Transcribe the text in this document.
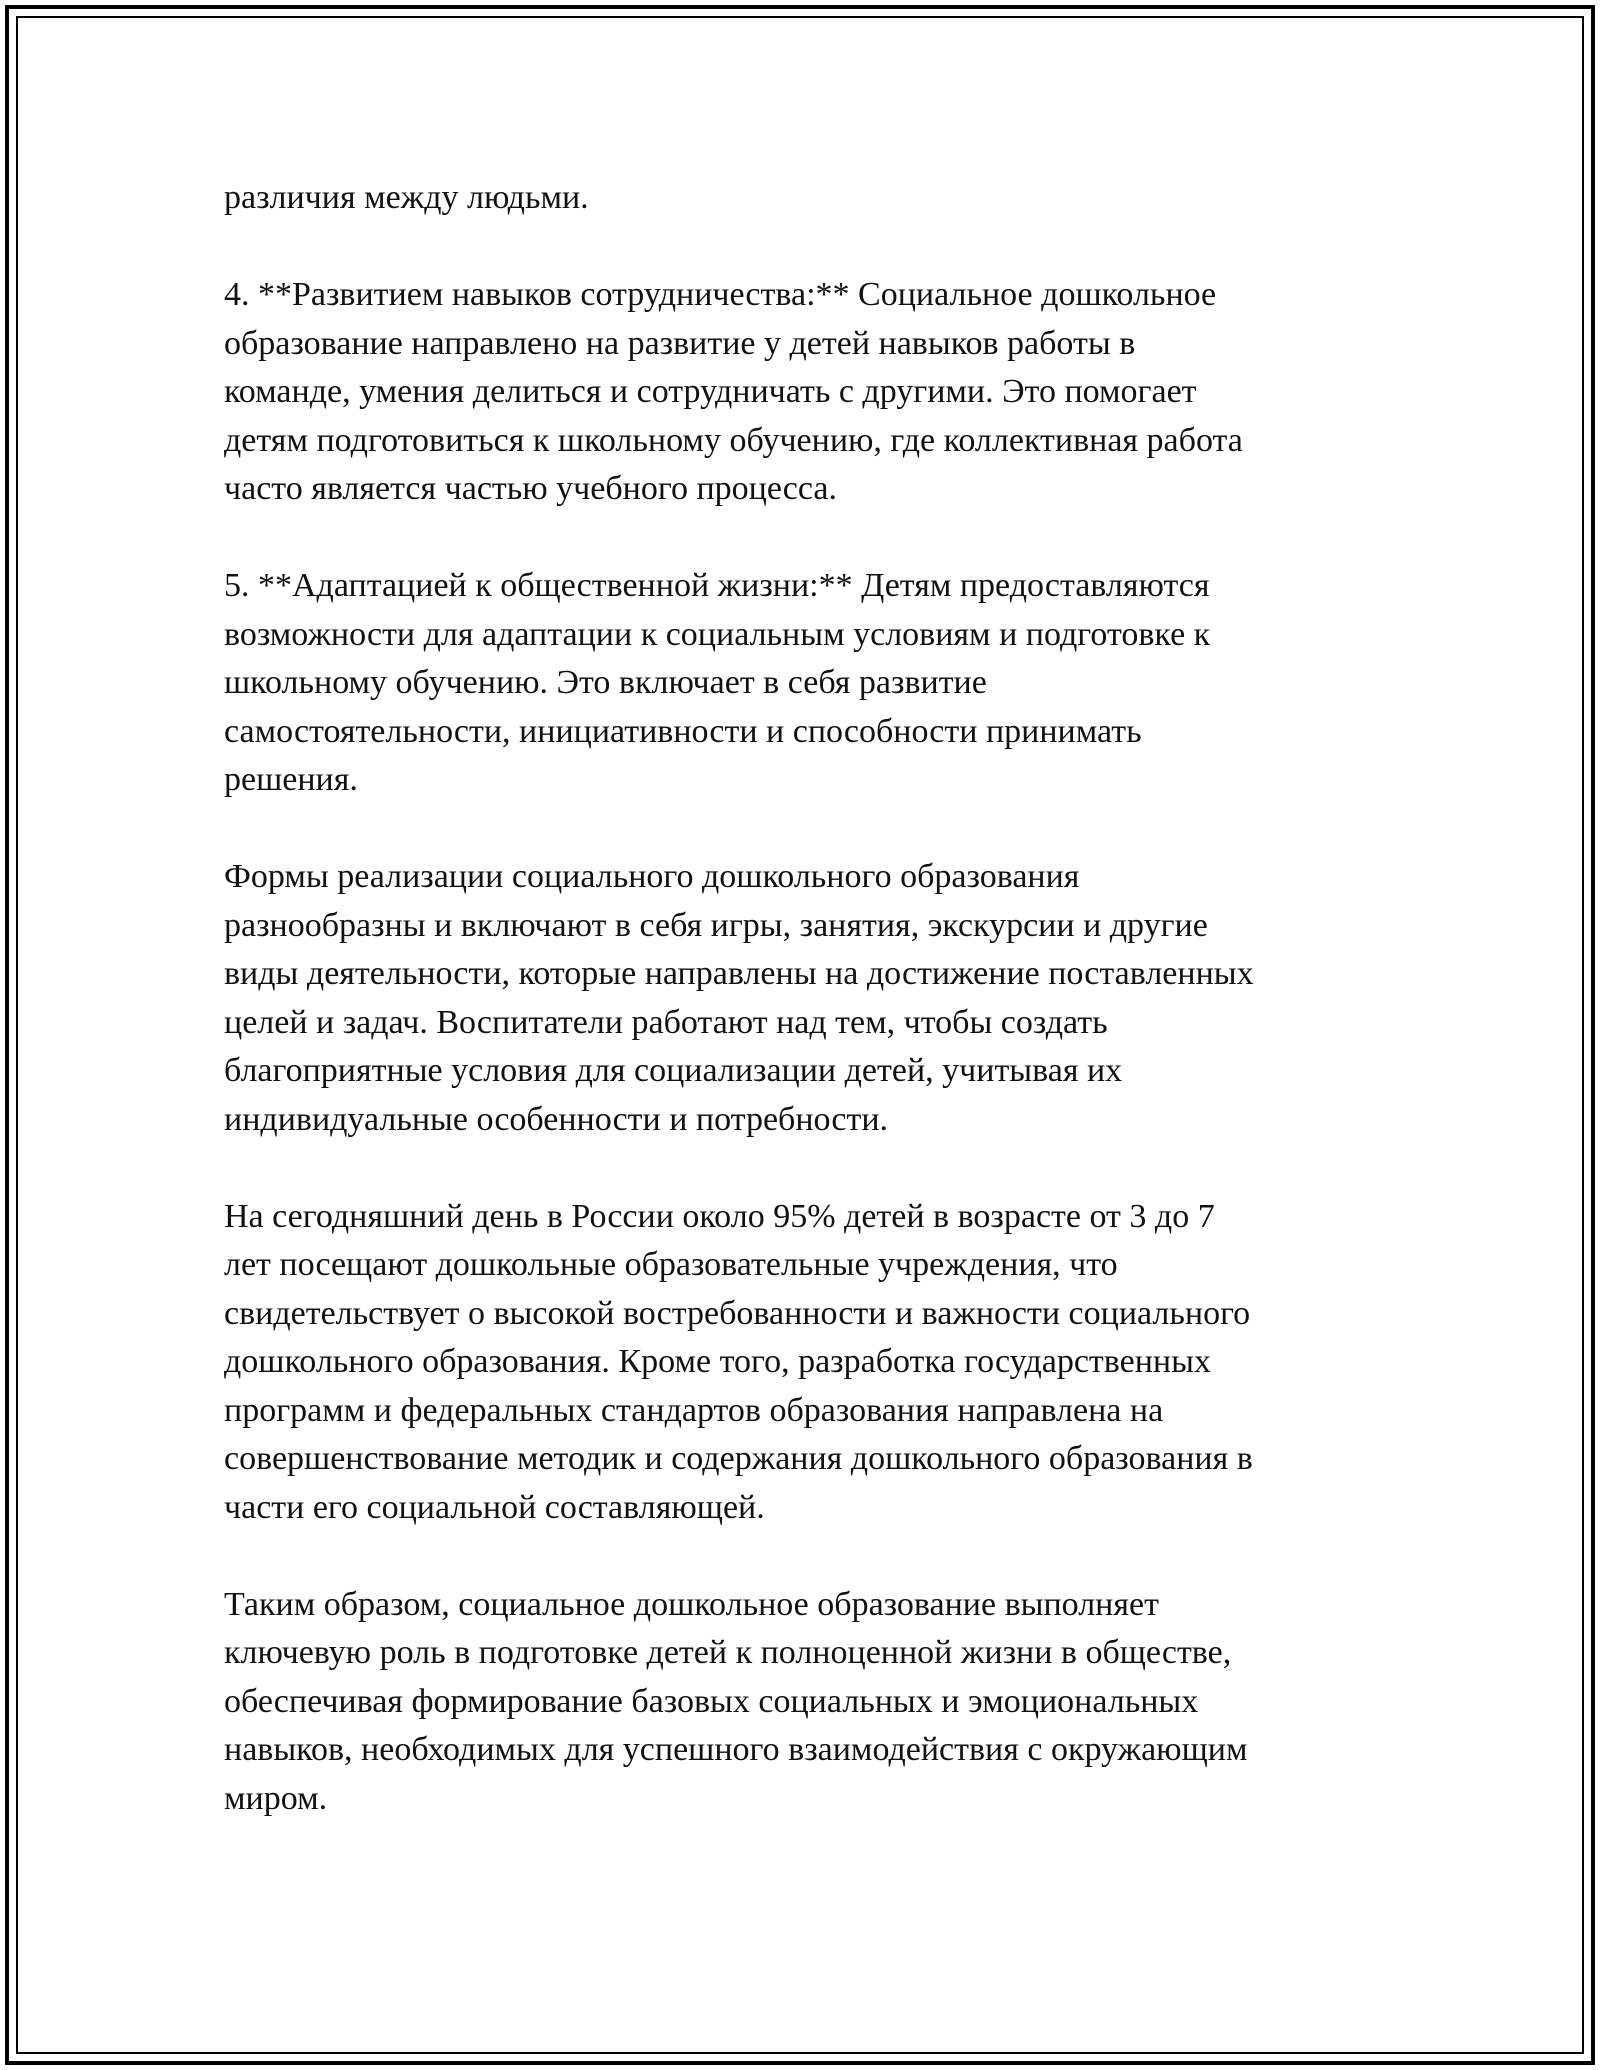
различия между людьми.
4. **Развитием навыков сотрудничества:** Социальное дошкольное
образование направлено на развитие у детей навыков работы в
команде, умения делиться и сотрудничать с другими. Это помогает
детям подготовиться к школьному обучению, где коллективная работа
часто является частью учебного процесса.
5. **Адаптацией к общественной жизни:** Детям предоставляются
возможности для адаптации к социальным условиям и подготовке к
школьному обучению. Это включает в себя развитие
самостоятельности, инициативности и способности принимать
решения.
Формы реализации социального дошкольного образования
разнообразны и включают в себя игры, занятия, экскурсии и другие
виды деятельности, которые направлены на достижение поставленных
целей и задач. Воспитатели работают над тем, чтобы создать
благоприятные условия для социализации детей, учитывая их
индивидуальные особенности и потребности.
На сегодняшний день в России около 95% детей в возрасте от 3 до 7
лет посещают дошкольные образовательные учреждения, что
свидетельствует о высокой востребованности и важности социального
дошкольного образования. Кроме того, разработка государственных
программ и федеральных стандартов образования направлена на
совершенствование методик и содержания дошкольного образования в
части его социальной составляющей.
Таким образом, социальное дошкольное образование выполняет
ключевую роль в подготовке детей к полноценной жизни в обществе,
обеспечивая формирование базовых социальных и эмоциональных
навыков, необходимых для успешного взаимодействия с окружающим
миром.
